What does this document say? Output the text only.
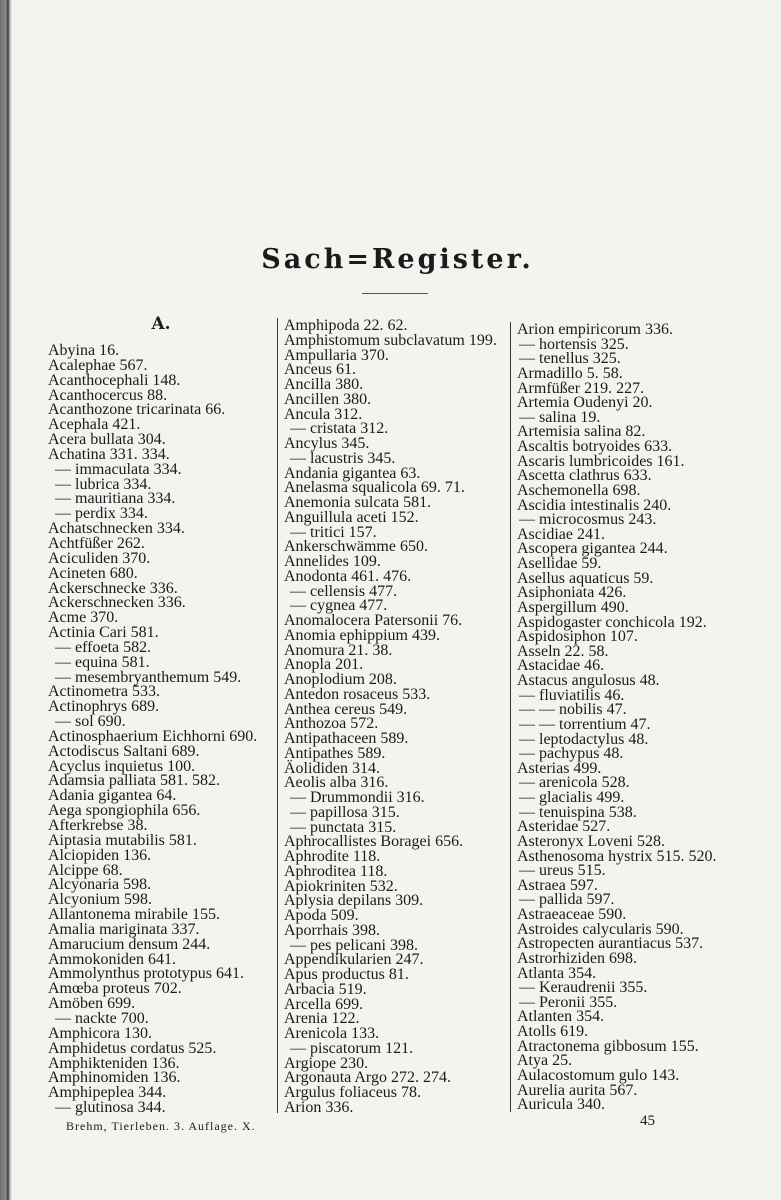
Sach=Register.
A.
Abyina 16.
Acalephae 567.
Acanthocephali 148.
Acanthocercus 88.
Acanthozone tricarinata 66.
Acephala 421.
Acera bullata 304.
Achatina 331. 334.
— immaculata 334.
— lubrica 334.
— mauritiana 334.
— perdix 334.
Achatschnecken 334.
Achtfüßer 262.
Aciculiden 370.
Acineten 680.
Ackerschnecke 336.
Ackerschnecken 336.
Acme 370.
Actinia Cari 581.
— effoeta 582.
— equina 581.
— mesembryanthemum 549.
Actinometra 533.
Actinophrys 689.
— sol 690.
Actinosphaerium Eichhorni 690.
Actodiscus Saltani 689.
Acyclus inquietus 100.
Adamsia palliata 581. 582.
Adania gigantea 64.
Aega spongiophila 656.
Afterkrebse 38.
Aiptasia mutabilis 581.
Alciopiden 136.
Alcippe 68.
Alcyonaria 598.
Alcyonium 598.
Allantonema mirabile 155.
Amalia mariginata 337.
Amarucium densum 244.
Ammokoniden 641.
Ammolynthus prototypus 641.
Amœba proteus 702.
Amöben 699.
— nackte 700.
Amphicora 130.
Amphidetus cordatus 525.
Amphikteniden 136.
Amphinomiden 136.
Amphipeplea 344.
— glutinosa 344.
Amphipoda 22. 62.
Amphistomum subclavatum 199.
Ampullaria 370.
Anceus 61.
Ancilla 380.
Ancillen 380.
Ancula 312.
— cristata 312.
Ancylus 345.
— lacustris 345.
Andania gigantea 63.
Anelasma squalicola 69. 71.
Anemonia sulcata 581.
Anguillula aceti 152.
— tritici 157.
Ankerschwämme 650.
Annelides 109.
Anodonta 461. 476.
— cellensis 477.
— cygnea 477.
Anomalocera Patersonii 76.
Anomia ephippium 439.
Anomura 21. 38.
Anopla 201.
Anoplodium 208.
Antedon rosaceus 533.
Anthea cereus 549.
Anthozoa 572.
Antipathaceen 589.
Antipathes 589.
Äolididen 314.
Aeolis alba 316.
— Drummondii 316.
— papillosa 315.
— punctata 315.
Aphrocallistes Boragei 656.
Aphrodite 118.
Aphroditea 118.
Apiokriniten 532.
Aplysia depilans 309.
Apoda 509.
Aporrhais 398.
— pes pelicani 398.
Appendikularien 247.
Apus productus 81.
Arbacia 519.
Arcella 699.
Arenia 122.
Arenicola 133.
— piscatorum 121.
Argiope 230.
Argonauta Argo 272. 274.
Argulus foliaceus 78.
Arion 336.
Arion empiricorum 336.
— hortensis 325.
— tenellus 325.
Armadillo 5. 58.
Armfüßer 219. 227.
Artemia Oudenyi 20.
— salina 19.
Artemisia salina 82.
Ascaltis botryoides 633.
Ascaris lumbricoides 161.
Ascetta clathrus 633.
Aschemonella 698.
Ascidia intestinalis 240.
— microcosmus 243.
Ascidiae 241.
Ascopera gigantea 244.
Asellidae 59.
Asellus aquaticus 59.
Asiphoniata 426.
Aspergillum 490.
Aspidogaster conchicola 192.
Aspidosiphon 107.
Asseln 22. 58.
Astacidae 46.
Astacus angulosus 48.
— fluviatilis 46.
— — nobilis 47.
— — torrentium 47.
— leptodactylus 48.
— pachypus 48.
Asterias 499.
— arenicola 528.
— glacialis 499.
— tenuispina 538.
Asteridae 527.
Asteronyx Loveni 528.
Asthenosoma hystrix 515. 520.
— ureus 515.
Astraea 597.
— pallida 597.
Astraeaceae 590.
Astroides calycularis 590.
Astropecten aurantiacus 537.
Astrorhiziden 698.
Atlanta 354.
— Keraudrenii 355.
— Peronii 355.
Atlanten 354.
Atolls 619.
Atractonema gibbosum 155.
Atya 25.
Aulacostomum gulo 143.
Aurelia aurita 567.
Auricula 340.
Brehm, Tierleben. 3. Auflage. X.	45
